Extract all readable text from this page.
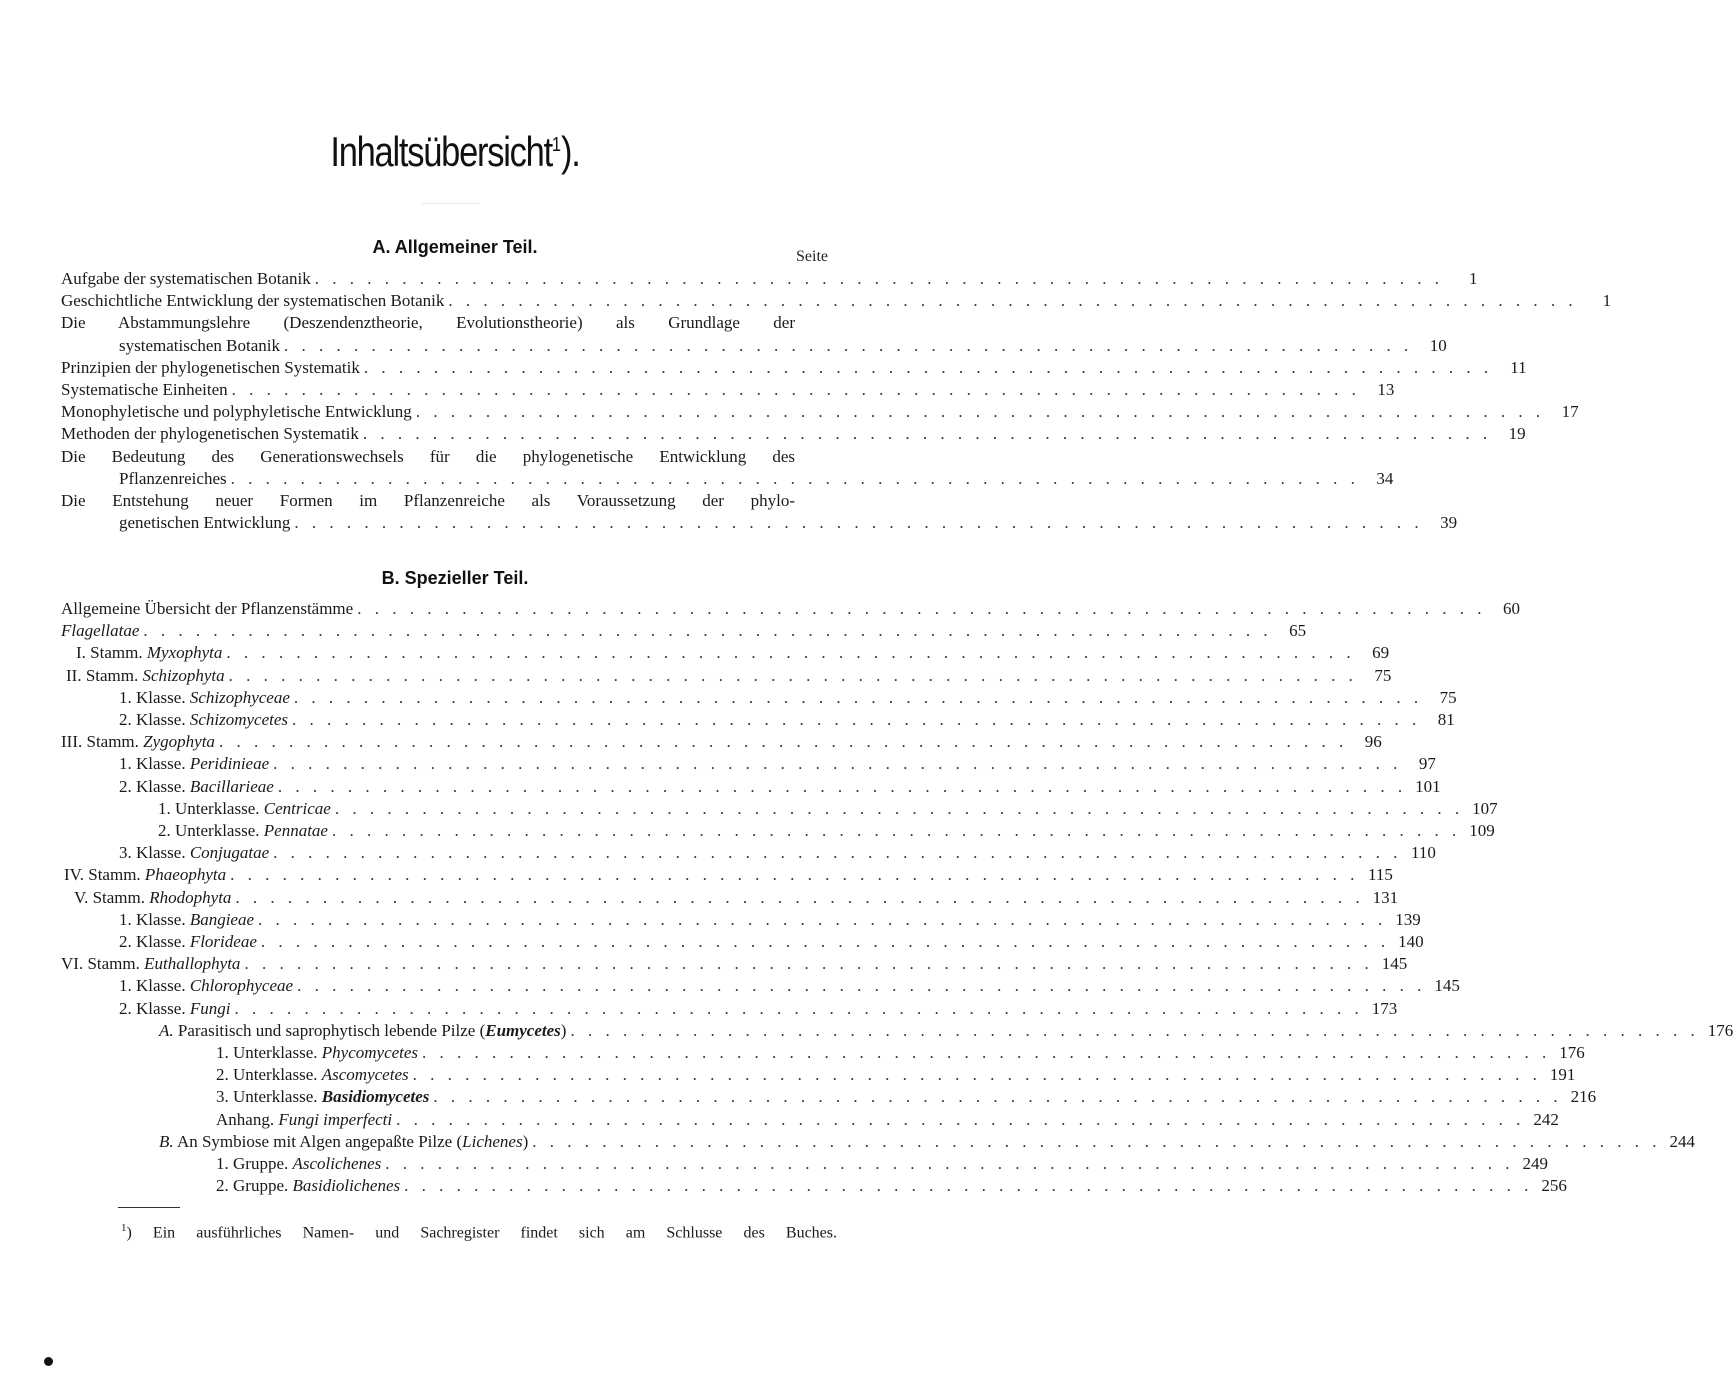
Inhaltsübersicht$^1$).
A. Allgemeiner Teil.	Seite
Aufgabe der systematischen Botanik . . . . . . . . . . . . . . . . . . . . . . . . . . . . . . . . . . . . . . . . . . . . . . . . . . . . . . . . . . . . . . . . .	1
Geschichtliche Entwicklung der systematischen Botanik . . . . . . . . . . . . . . . . . . . . . . . . . . . . . . . . . . . . . . . . . . . . . . . . . . . . . . . . . . . . . . . . .	1
Die Abstammungslehre (Deszendenztheorie, Evolutionstheorie) als Grundlage der
systematischen Botanik . . . . . . . . . . . . . . . . . . . . . . . . . . . . . . . . . . . . . . . . . . . . . . . . . . . . . . . . . . . . . . . . .	10
Prinzipien der phylogenetischen Systematik . . . . . . . . . . . . . . . . . . . . . . . . . . . . . . . . . . . . . . . . . . . . . . . . . . . . . . . . . . . . . . . . .	11
Systematische Einheiten . . . . . . . . . . . . . . . . . . . . . . . . . . . . . . . . . . . . . . . . . . . . . . . . . . . . . . . . . . . . . . . . .	13
Monophyletische und polyphyletische Entwicklung . . . . . . . . . . . . . . . . . . . . . . . . . . . . . . . . . . . . . . . . . . . . . . . . . . . . . . . . . . . . . . . . .	17
Methoden der phylogenetischen Systematik . . . . . . . . . . . . . . . . . . . . . . . . . . . . . . . . . . . . . . . . . . . . . . . . . . . . . . . . . . . . . . . . .	19
Die Bedeutung des Generationswechsels für die phylogenetische Entwicklung des
Pflanzenreiches . . . . . . . . . . . . . . . . . . . . . . . . . . . . . . . . . . . . . . . . . . . . . . . . . . . . . . . . . . . . . . . . .	34
Die Entstehung neuer Formen im Pflanzenreiche als Voraussetzung der phylo-
genetischen Entwicklung . . . . . . . . . . . . . . . . . . . . . . . . . . . . . . . . . . . . . . . . . . . . . . . . . . . . . . . . . . . . . . . . .	39
B. Spezieller Teil.
Allgemeine Übersicht der Pflanzenstämme . . . . . . . . . . . . . . . . . . . . . . . . . . . . . . . . . . . . . . . . . . . . . . . . . . . . . . . . . . . . . . . . .	60
Flagellatae . . . . . . . . . . . . . . . . . . . . . . . . . . . . . . . . . . . . . . . . . . . . . . . . . . . . . . . . . . . . . . . . .	65
I. Stamm. Myxophyta . . . . . . . . . . . . . . . . . . . . . . . . . . . . . . . . . . . . . . . . . . . . . . . . . . . . . . . . . . . . . . . . .	69
II. Stamm. Schizophyta . . . . . . . . . . . . . . . . . . . . . . . . . . . . . . . . . . . . . . . . . . . . . . . . . . . . . . . . . . . . . . . . .	75
1. Klasse. Schizophyceae . . . . . . . . . . . . . . . . . . . . . . . . . . . . . . . . . . . . . . . . . . . . . . . . . . . . . . . . . . . . . . . . .	75
2. Klasse. Schizomycetes . . . . . . . . . . . . . . . . . . . . . . . . . . . . . . . . . . . . . . . . . . . . . . . . . . . . . . . . . . . . . . . . .	81
III. Stamm. Zygophyta . . . . . . . . . . . . . . . . . . . . . . . . . . . . . . . . . . . . . . . . . . . . . . . . . . . . . . . . . . . . . . . . .	96
1. Klasse. Peridinieae . . . . . . . . . . . . . . . . . . . . . . . . . . . . . . . . . . . . . . . . . . . . . . . . . . . . . . . . . . . . . . . . .	97
2. Klasse. Bacillarieae . . . . . . . . . . . . . . . . . . . . . . . . . . . . . . . . . . . . . . . . . . . . . . . . . . . . . . . . . . . . . . . . . 101
1. Unterklasse. Centricae . . . . . . . . . . . . . . . . . . . . . . . . . . . . . . . . . . . . . . . . . . . . . . . . . . . . . . . . . . . . . . . . . 107
2. Unterklasse. Pennatae . . . . . . . . . . . . . . . . . . . . . . . . . . . . . . . . . . . . . . . . . . . . . . . . . . . . . . . . . . . . . . . . . 109
3. Klasse. Conjugatae . . . . . . . . . . . . . . . . . . . . . . . . . . . . . . . . . . . . . . . . . . . . . . . . . . . . . . . . . . . . . . . . . 110
IV. Stamm. Phaeophyta . . . . . . . . . . . . . . . . . . . . . . . . . . . . . . . . . . . . . . . . . . . . . . . . . . . . . . . . . . . . . . . . . 115
V. Stamm. Rhodophyta . . . . . . . . . . . . . . . . . . . . . . . . . . . . . . . . . . . . . . . . . . . . . . . . . . . . . . . . . . . . . . . . . 131
1. Klasse. Bangieae . . . . . . . . . . . . . . . . . . . . . . . . . . . . . . . . . . . . . . . . . . . . . . . . . . . . . . . . . . . . . . . . . 139
2. Klasse. Florideae . . . . . . . . . . . . . . . . . . . . . . . . . . . . . . . . . . . . . . . . . . . . . . . . . . . . . . . . . . . . . . . . . 140
VI. Stamm. Euthallophyta . . . . . . . . . . . . . . . . . . . . . . . . . . . . . . . . . . . . . . . . . . . . . . . . . . . . . . . . . . . . . . . . . 145
1. Klasse. Chlorophyceae . . . . . . . . . . . . . . . . . . . . . . . . . . . . . . . . . . . . . . . . . . . . . . . . . . . . . . . . . . . . . . . . . 145
2. Klasse. Fungi . . . . . . . . . . . . . . . . . . . . . . . . . . . . . . . . . . . . . . . . . . . . . . . . . . . . . . . . . . . . . . . . . 173
A. Parasitisch und saprophytisch lebende Pilze (Eumycetes) . . . . . . . . . . . . . . . . . . . . . . . . . . . . . . . . . . . . . . . . . . . . . . . . . . . . . . . . . . . . . . . . . 176
1. Unterklasse. Phycomycetes . . . . . . . . . . . . . . . . . . . . . . . . . . . . . . . . . . . . . . . . . . . . . . . . . . . . . . . . . . . . . . . . . 176
2. Unterklasse. Ascomycetes . . . . . . . . . . . . . . . . . . . . . . . . . . . . . . . . . . . . . . . . . . . . . . . . . . . . . . . . . . . . . . . . . 191
3. Unterklasse. Basidiomycetes . . . . . . . . . . . . . . . . . . . . . . . . . . . . . . . . . . . . . . . . . . . . . . . . . . . . . . . . . . . . . . . . . 216
Anhang. Fungi imperfecti . . . . . . . . . . . . . . . . . . . . . . . . . . . . . . . . . . . . . . . . . . . . . . . . . . . . . . . . . . . . . . . . . 242
B. An Symbiose mit Algen angepaßte Pilze (Lichenes) . . . . . . . . . . . . . . . . . . . . . . . . . . . . . . . . . . . . . . . . . . . . . . . . . . . . . . . . . . . . . . . . . 244
1. Gruppe. Ascolichenes . . . . . . . . . . . . . . . . . . . . . . . . . . . . . . . . . . . . . . . . . . . . . . . . . . . . . . . . . . . . . . . . . 249
2. Gruppe. Basidiolichenes . . . . . . . . . . . . . . . . . . . . . . . . . . . . . . . . . . . . . . . . . . . . . . . . . . . . . . . . . . . . . . . . . 256
$^1$) Ein ausführliches Namen- und Sachregister findet sich am Schlusse des Buches.
